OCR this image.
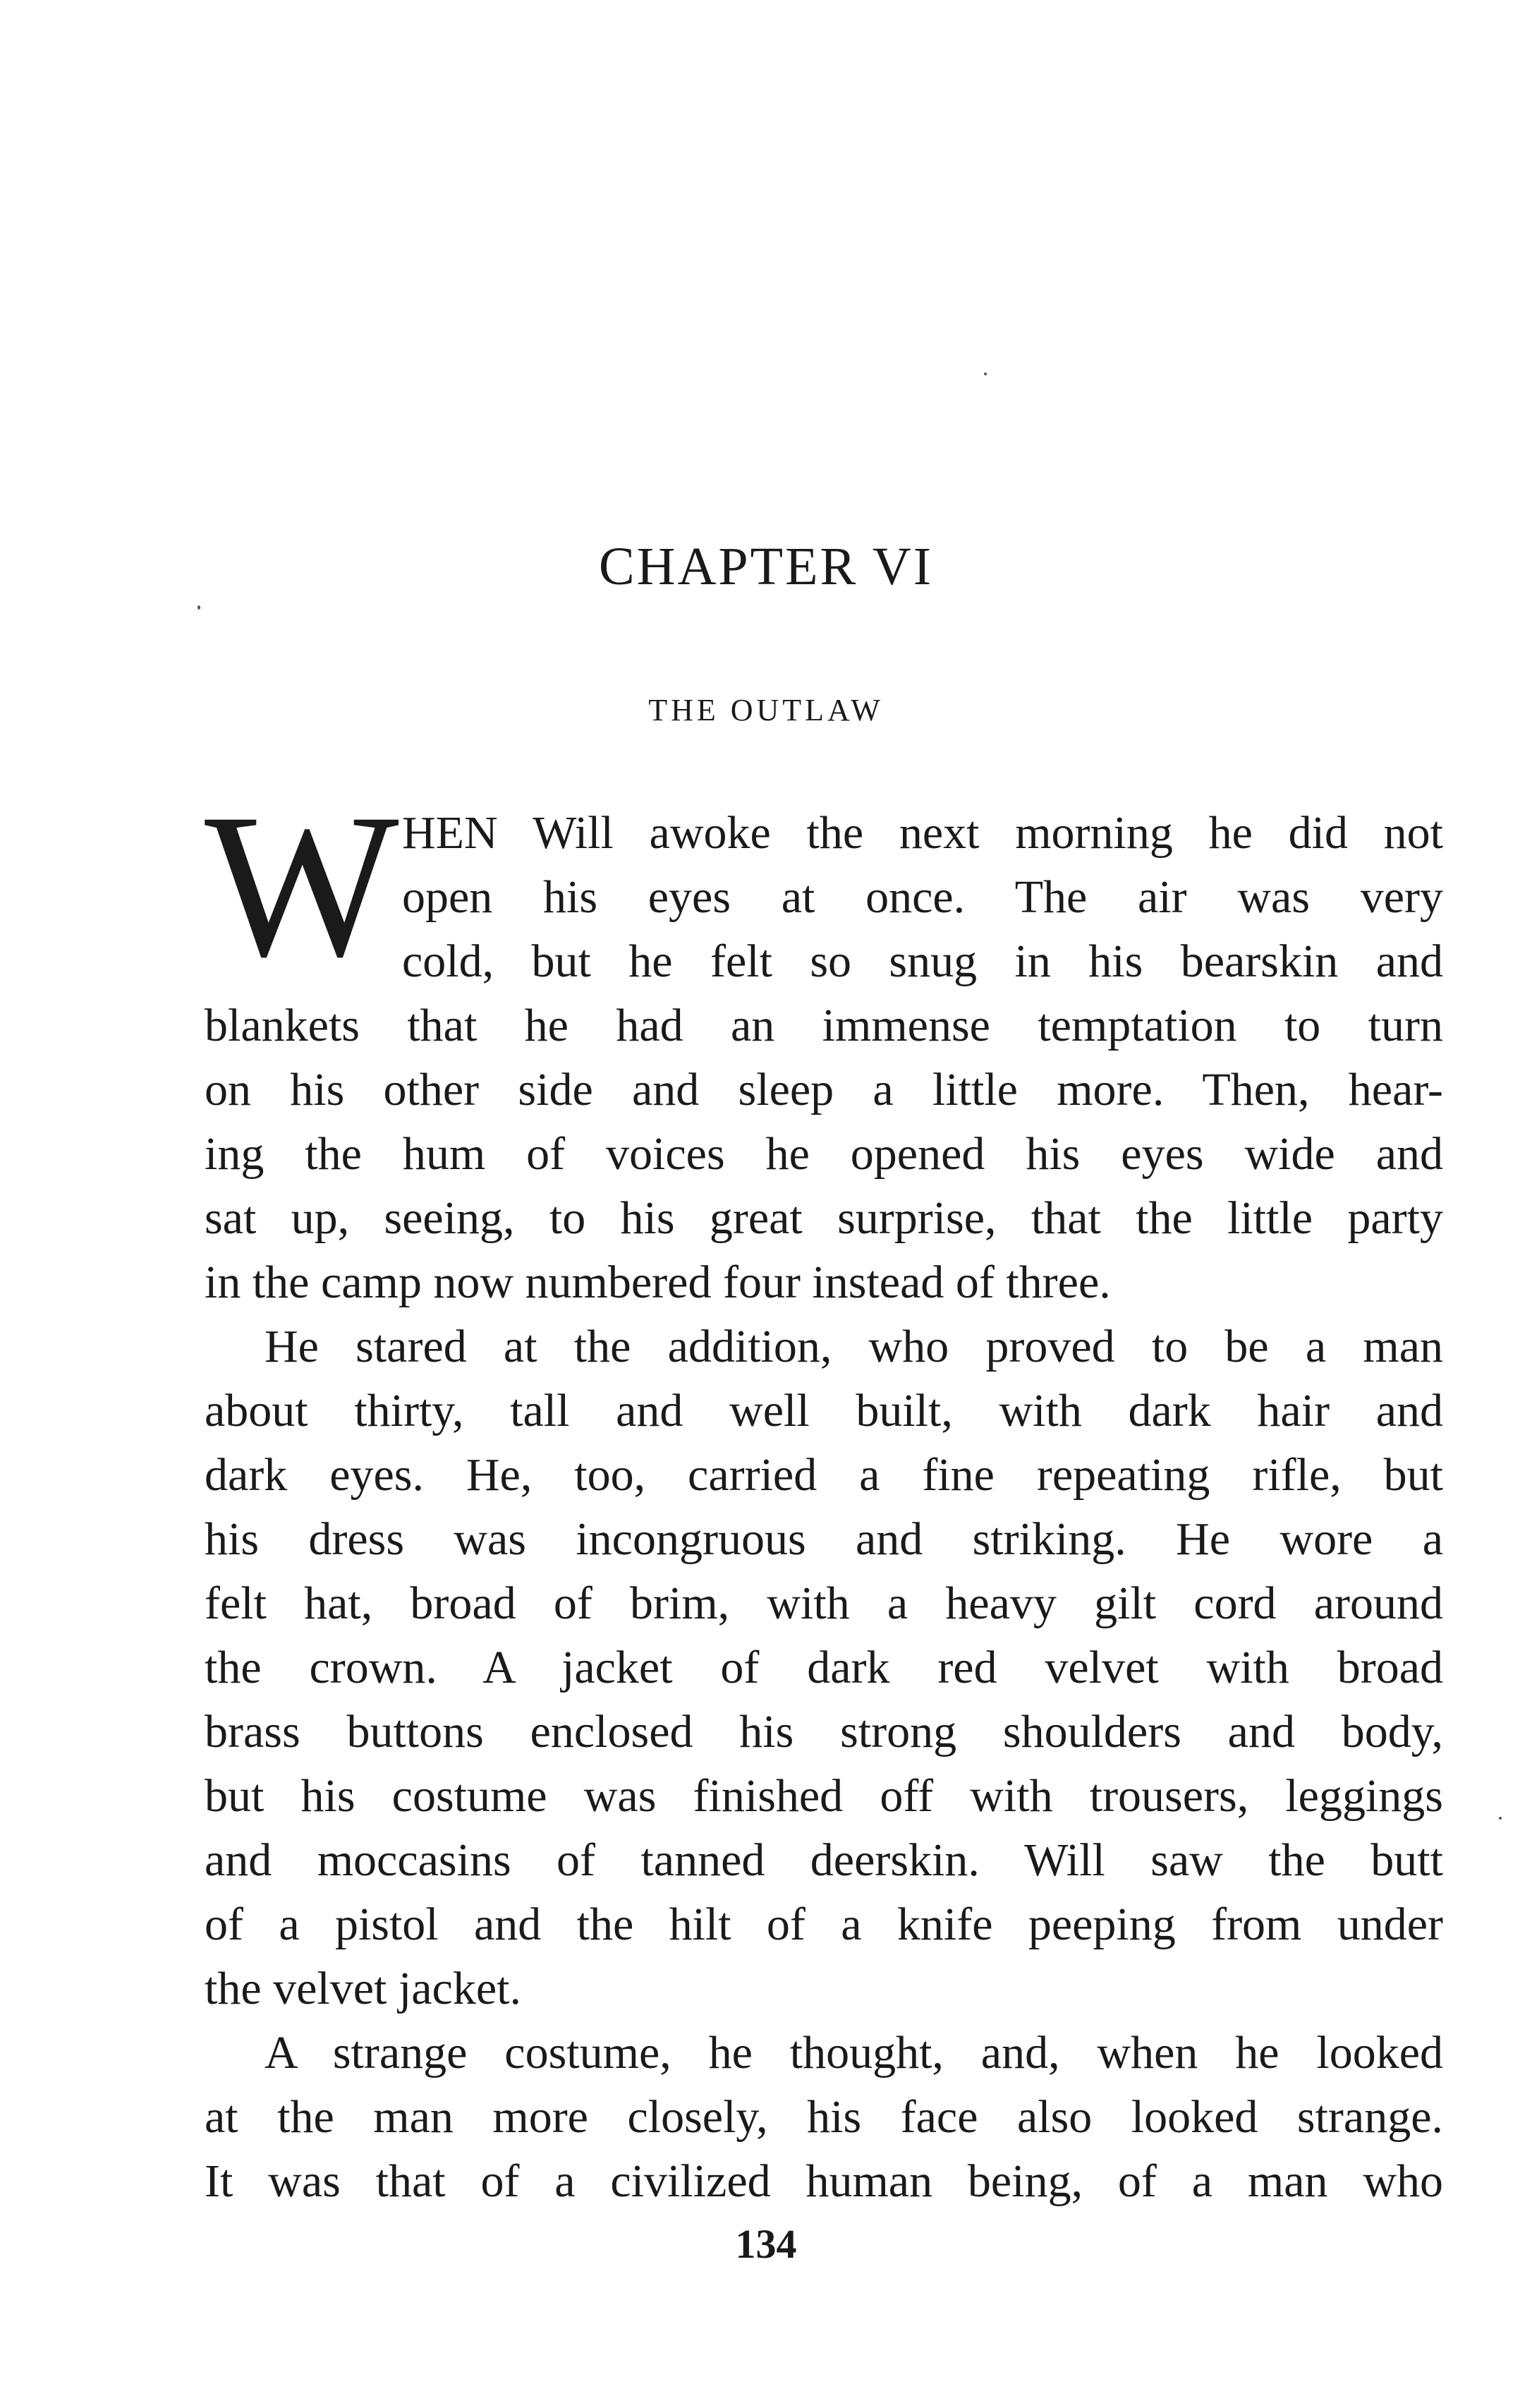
CHAPTER VI
THE OUTLAW
W HEN Will awoke the next morning he did not
open his eyes at once. The air was very
cold, but he felt so snug in his bearskin and
blankets that he had an immense temptation to turn
on his other side and sleep a little more. Then, hear-
ing the hum of voices he opened his eyes wide and
sat up, seeing, to his great surprise, that the little party
in the camp now numbered four instead of three.
He stared at the addition, who proved to be a man
about thirty, tall and well built, with dark hair and
dark eyes. He, too, carried a fine repeating rifle, but
his dress was incongruous and striking. He wore a
felt hat, broad of brim, with a heavy gilt cord around
the crown. A jacket of dark red velvet with broad
brass buttons enclosed his strong shoulders and body,
but his costume was finished off with trousers, leggings
and moccasins of tanned deerskin. Will saw the butt
of a pistol and the hilt of a knife peeping from under
the velvet jacket.
A strange costume, he thought, and, when he looked
at the man more closely, his face also looked strange.
It was that of a civilized human being, of a man who
134
